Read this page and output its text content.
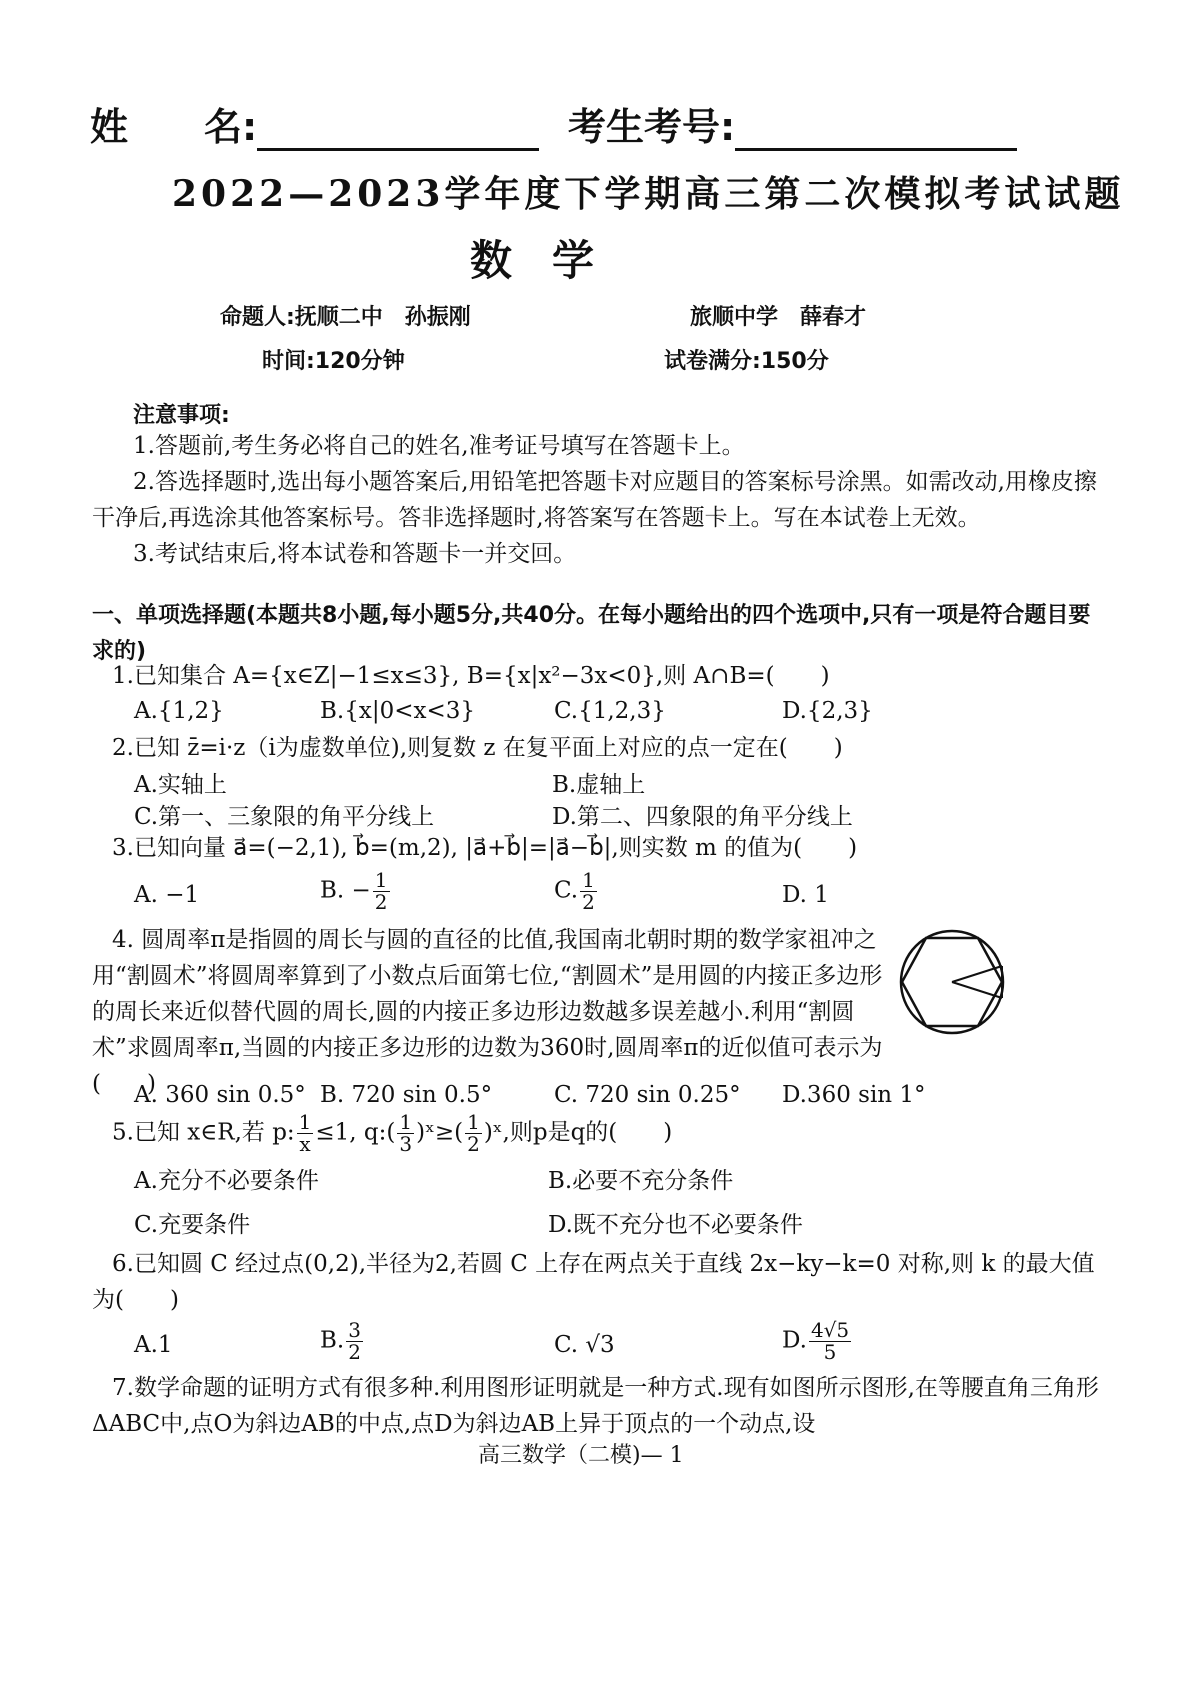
姓　　名:	考生考号:
2022—2023学年度下学期高三第二次模拟考试试题
数学
命题人:抚顺二中　孙振刚	旅顺中学　薛春才
时间:120分钟	试卷满分:150分
注意事项:
1.答题前,考生务必将自己的姓名,准考证号填写在答题卡上。
2.答选择题时,选出每小题答案后,用铅笔把答题卡对应题目的答案标号涂黑。如需改动,用橡皮擦干净后,再选涂其他答案标号。答非选择题时,将答案写在答题卡上。写在本试卷上无效。
3.考试结束后,将本试卷和答题卡一并交回。
一、单项选择题(本题共8小题,每小题5分,共40分。在每小题给出的四个选项中,只有一项是符合题目要求的)
1.已知集合 A={x∈Z|−1≤x≤3}, B={x|x²−3x<0},则 A∩B=(　　)
A.{1,2}	B.{x|0<x<3}	C.{1,2,3}	D.{2,3}
2.已知 z̄=i·z（i为虚数单位),则复数 z 在复平面上对应的点一定在(　　)
A.实轴上	B.虚轴上
C.第一、三象限的角平分线上	D.第二、四象限的角平分线上
3.已知向量 a⃗=(−2,1), b⃗=(m,2), |a⃗+b⃗|=|a⃗−b⃗|,则实数 m 的值为(　　)
A. −1	B. − $\frac{1}{2}$	C. $\frac{1}{2}$	D. 1
4. 圆周率π是指圆的周长与圆的直径的比值,我国南北朝时期的数学家祖冲之用“割圆术”将圆周率算到了小数点后面第七位,“割圆术”是用圆的内接正多边形的周长来近似替代圆的周长,圆的内接正多边形边数越多误差越小.利用“割圆术”求圆周率π,当圆的内接正多边形的边数为360时,圆周率π的近似值可表示为(　　)
A. 360 sin 0.5° B. 720 sin 0.5°	C. 720 sin 0.25° D.360 sin 1°
5.已知 x∈R,若 p: $\frac{1}{x} \le 1$, q:( $\frac{1}{3}$ )ˣ≥( $\frac{1}{2}$ )ˣ,则p是q的(　　)
A.充分不必要条件	B.必要不充分条件
C.充要条件	D.既不充分也不必要条件
6.已知圆 C 经过点(0,2),半径为2,若圆 C 上存在两点关于直线 2x−ky−k=0 对称,则 k 的最大值为(　　)
A.1	B. $\frac{3}{2}$	C. √3	D. $\frac{4√5}{5}$
7.数学命题的证明方式有很多种.利用图形证明就是一种方式.现有如图所示图形,在等腰直角三角形ΔABC中,点O为斜边AB的中点,点D为斜边AB上异于顶点的一个动点,设
高三数学（二模)— 1
